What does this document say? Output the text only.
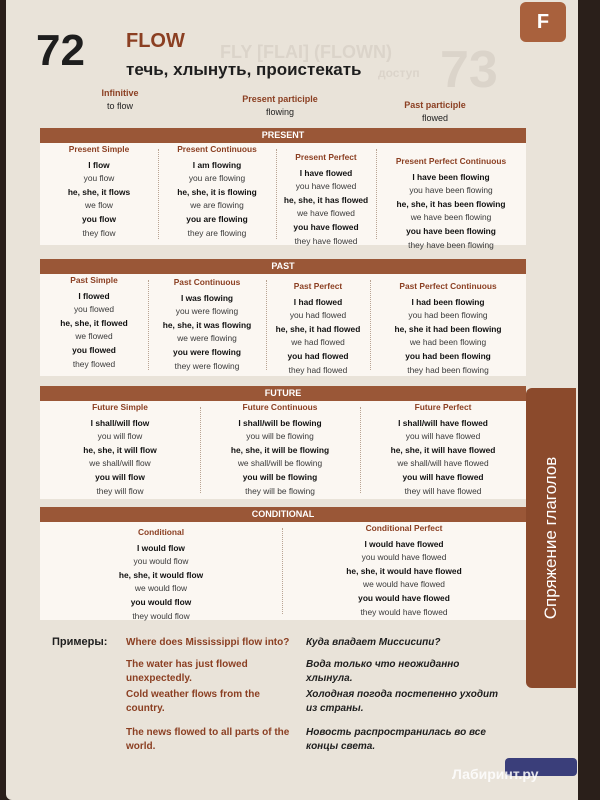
FLY [FLAI] (FLOWN) 73
доступ
F
72 FLOW
течь, хлынуть, проистекать
Infinitive
to flow
Present participle
flowing
Past participle
flowed
PRESENT
Present Simple
I flow
you flow
he, she, it flows
we flow
you flow
they flow
Present Continuous
I am flowing
you are flowing
he, she, it is flowing
we are flowing
you are flowing
they are flowing
Present Perfect
I have flowed
you have flowed
he, she, it has flowed
we have flowed
you have flowed
they have flowed
Present Perfect Continuous
I have been flowing
you have been flowing
he, she, it has been flowing
we have been flowing
you have been flowing
they have been flowing
PAST
Past Simple
I flowed
you flowed
he, she, it flowed
we flowed
you flowed
they flowed
Past Continuous
I was flowing
you were flowing
he, she, it was flowing
we were flowing
you were flowing
they were flowing
Past Perfect
I had flowed
you had flowed
he, she, it had flowed
we had flowed
you had flowed
they had flowed
Past Perfect Continuous
I had been flowing
you had been flowing
he, she it had been flowing
we had been flowing
you had been flowing
they had been flowing
FUTURE
Future Simple
I shall/will flow
you will flow
he, she, it will flow
we shall/will flow
you will flow
they will flow
Future Continuous
I shall/will be flowing
you will be flowing
he, she, it will be flowing
we shall/will be flowing
you will be flowing
they will be flowing
Future Perfect
I shall/will have flowed
you will have flowed
he, she, it will have flowed
we shall/will have flowed
you will have flowed
they will have flowed
CONDITIONAL
Conditional
I would flow
you would flow
he, she, it would flow
we would flow
you would flow
they would flow
Conditional Perfect
I would have flowed
you would have flowed
he, she, it would have flowed
we would have flowed
you would have flowed
they would have flowed
Примеры: Where does Mississippi flow into?	Куда впадает Миссисипи?
The water has just flowed unexpectedly.
Вода только что неожиданно хлынула.
Cold weather flows from the country.
Холодная погода постепенно уходит из страны.
The news flowed to all parts of the world.
Новость распространилась во все концы света.
Спряжение глаголов
Лабиринт.ру
